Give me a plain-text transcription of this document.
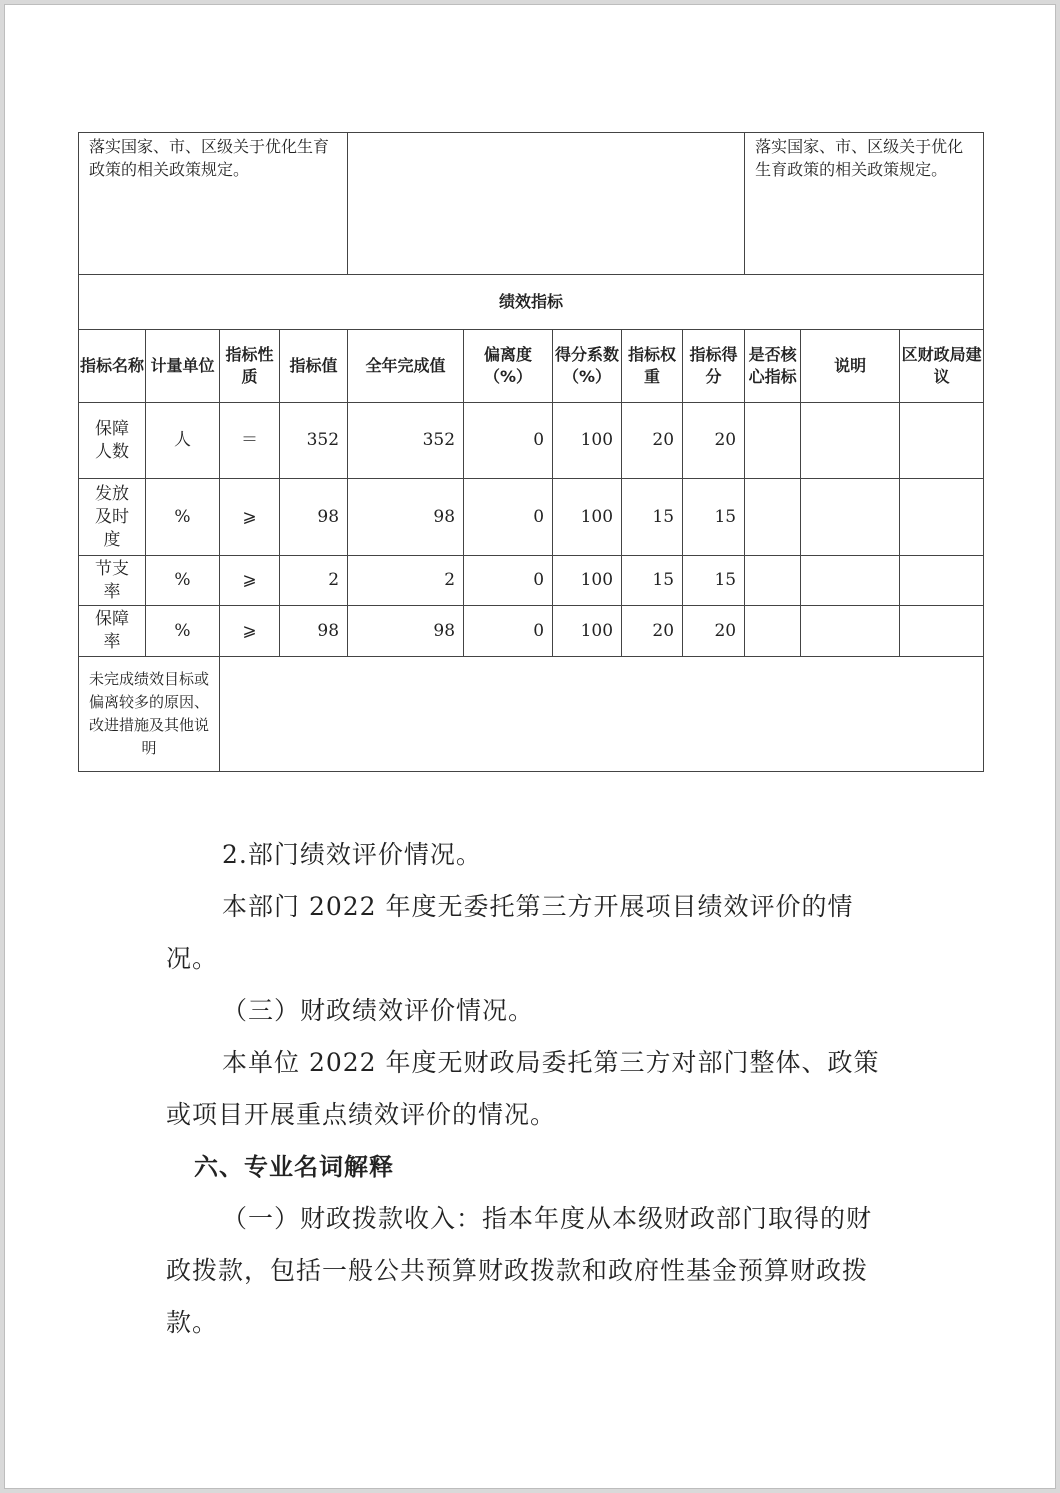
落实国家、市、区级关于优化生育政策的相关政策规定。									落实国家、市、区级关于优化生育政策的相关政策规定。		
绩效指标											
指标名称	计量单位	指标性质	指标值	全年完成值	偏离度（%）	得分系数（%）	指标权重	指标得分	是否核心指标	说明	区财政局建议
保障人数	人	＝	352	352	0	100	20	20			
发放及时度	%	⩾	98	98	0	100	15	15			
节支率	%	⩾	2	2	0	100	15	15			
保障率	%	⩾	98	98	0	100	20	20			
未完成绩效目标或偏离较多的原因、改进措施及其他说明											

2.部门绩效评价情况。

本部门 2022 年度无委托第三方开展项目绩效评价的情况。

（三）财政绩效评价情况。

本单位 2022 年度无财政局委托第三方对部门整体、政策或项目开展重点绩效评价的情况。

六、专业名词解释

（一）财政拨款收入：指本年度从本级财政部门取得的财政拨款，包括一般公共预算财政拨款和政府性基金预算财政拨款。
